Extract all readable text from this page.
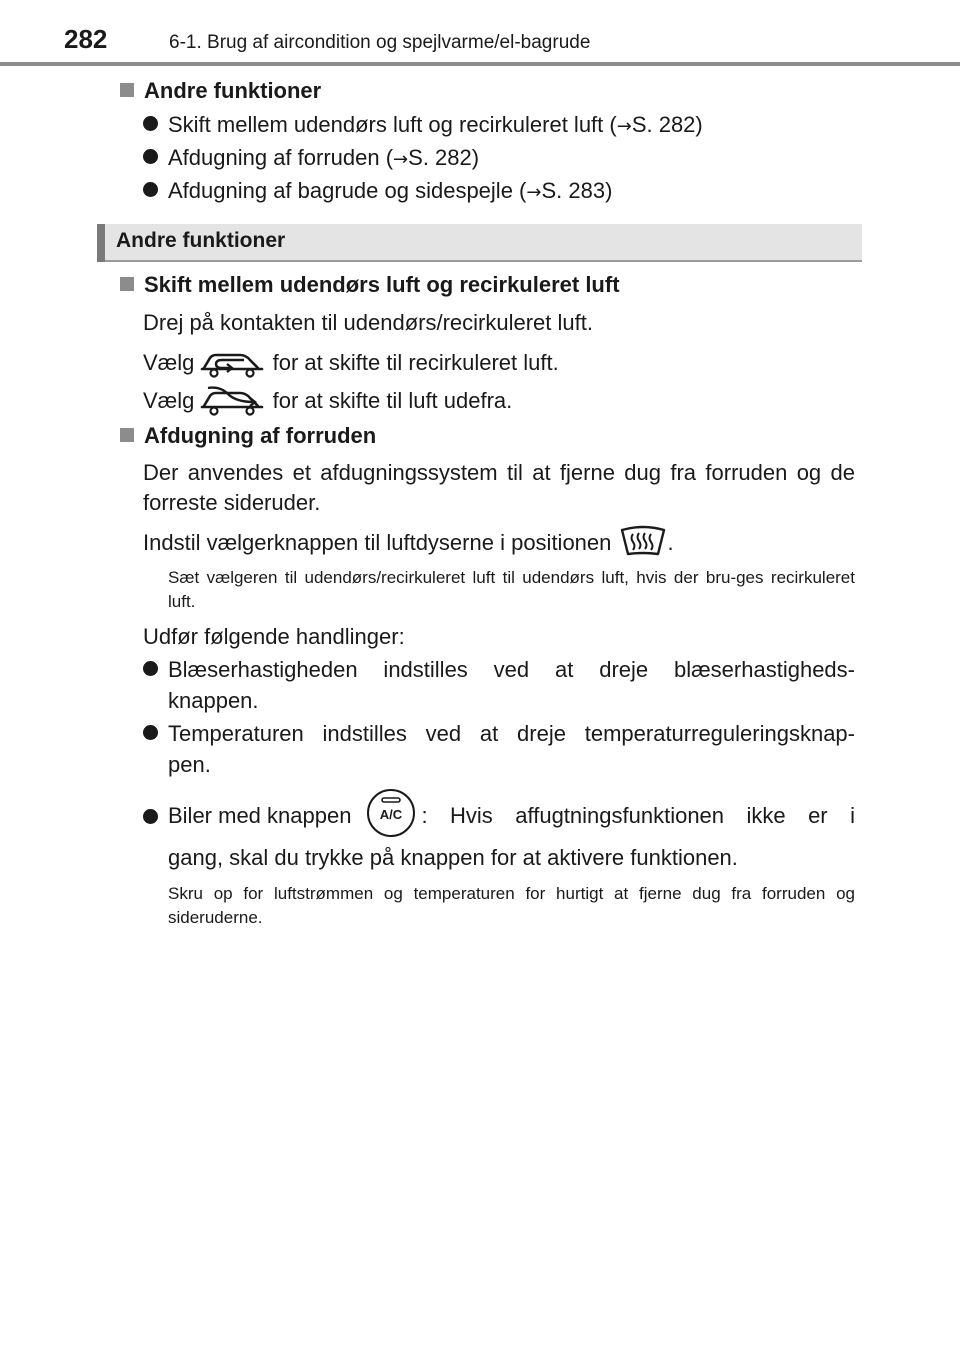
282	6-1. Brug af aircondition og spejlvarme/el-bagrude
Andre funktioner
Skift mellem udendørs luft og recirkuleret luft (→S. 282)
Afdugning af forruden (→S. 282)
Afdugning af bagrude og sidespejle (→S. 283)
Andre funktioner
Skift mellem udendørs luft og recirkuleret luft
Drej på kontakten til udendørs/recirkuleret luft.
Vælg	for at skifte til recirkuleret luft.
Vælg	for at skifte til luft udefra.
Afdugning af forruden
Der anvendes et afdugningssystem til at fjerne dug fra forruden og de forreste sideruder.
Indstil vælgerknappen til luftdyserne i positionen	.
Sæt vælgeren til udendørs/recirkuleret luft til udendørs luft, hvis der bru-ges recirkuleret luft.
Udfør følgende handlinger:
Blæserhastigheden indstilles ved at dreje blæserhastigheds-
knappen.
Temperaturen indstilles ved at dreje temperaturreguleringsknap-
pen.
Biler med knappen A/C : Hvis affugtningsfunktionen ikke er i
gang, skal du trykke på knappen for at aktivere funktionen.
Skru op for luftstrømmen og temperaturen for hurtigt at fjerne dug fra forruden og sideruderne.
